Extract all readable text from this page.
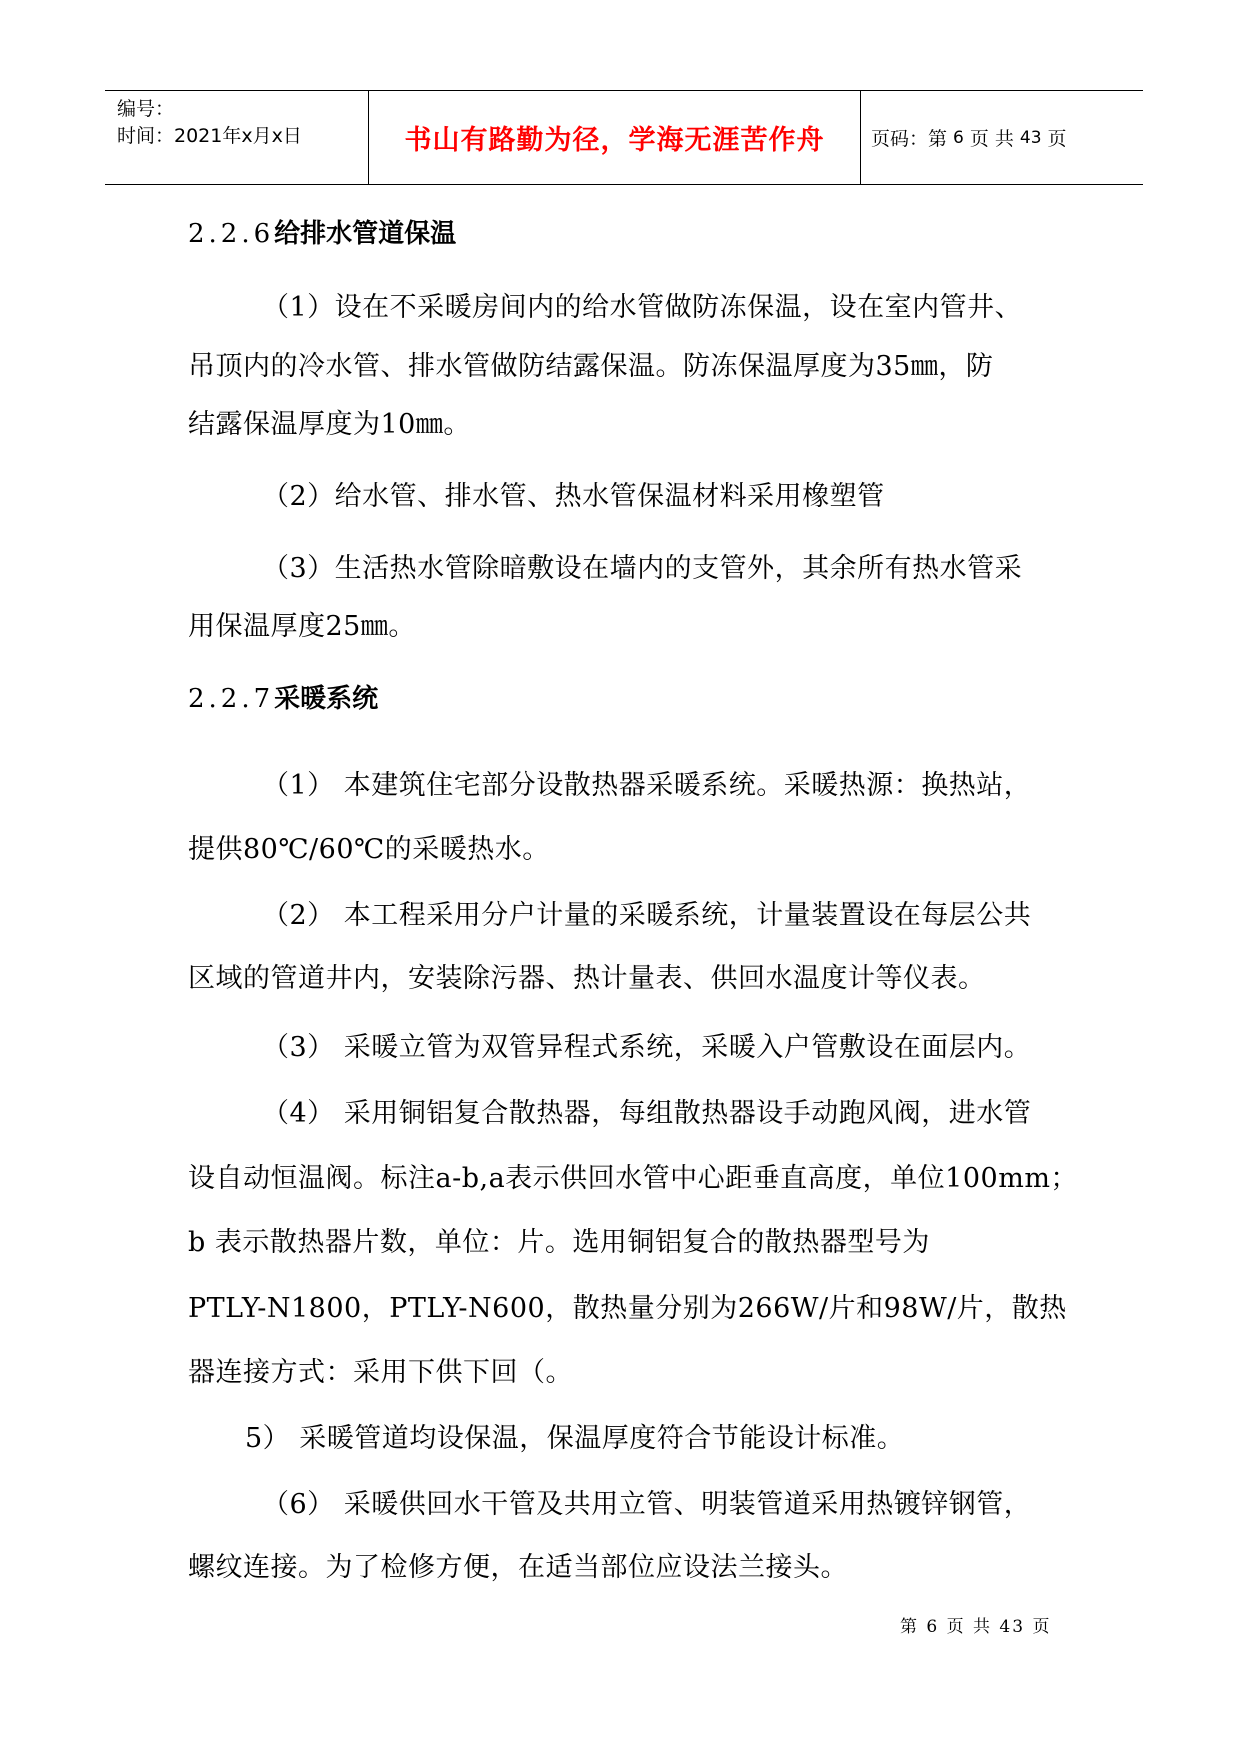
编号：
时间：2021年x月x日	书山有路勤为径，学海无涯苦作舟 页码：第 6 页 共 43 页
2.2.6给排水管道保温
（1）设在不采暖房间内的给水管做防冻保温，设在室内管井、
吊顶内的冷水管、排水管做防结露保温。防冻保温厚度为35㎜，防
结露保温厚度为10㎜。
（2）给水管、排水管、热水管保温材料采用橡塑管
（3）生活热水管除暗敷设在墙内的支管外，其余所有热水管采
用保温厚度25㎜。
2.2.7采暖系统
（1） 本建筑住宅部分设散热器采暖系统。采暖热源：换热站，
提供80℃/60℃的采暖热水。
（2） 本工程采用分户计量的采暖系统，计量装置设在每层公共
区域的管道井内，安装除污器、热计量表、供回水温度计等仪表。
（3） 采暖立管为双管异程式系统，采暖入户管敷设在面层内。
（4） 采用铜铝复合散热器，每组散热器设手动跑风阀，进水管
设自动恒温阀。标注a-b,a表示供回水管中心距垂直高度，单位100mm；
b 表示散热器片数，单位：片。选用铜铝复合的散热器型号为
PTLY-N1800，PTLY-N600，散热量分别为266W/片和98W/片，散热
器连接方式：采用下供下回（。
5） 采暖管道均设保温，保温厚度符合节能设计标准。
（6） 采暖供回水干管及共用立管、明装管道采用热镀锌钢管，
螺纹连接。为了检修方便，在适当部位应设法兰接头。
第 6 页 共 43 页
